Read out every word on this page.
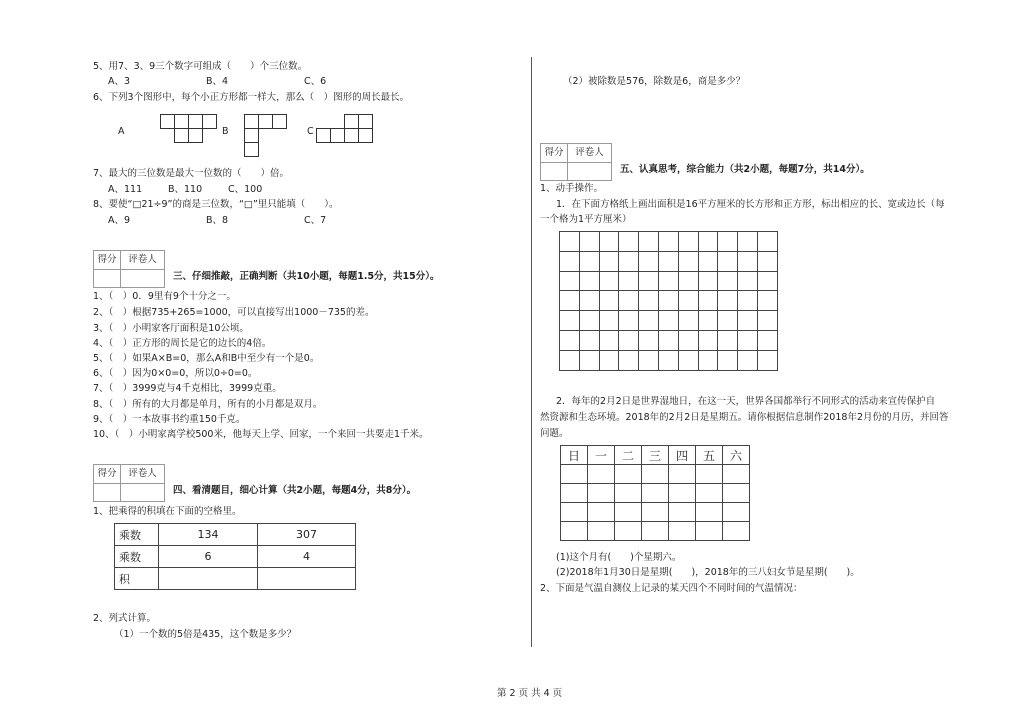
5、用7、3、9三个数字可组成（　　）个三位数。
A、3	B、4	C、6
6、下列3个图形中，每个小正方形都一样大，那么（　）图形的周长最长。
A	B	C
7、最大的三位数是最大一位数的（　　）倍。
A、111	B、110	C、100
8、要使“□21÷9”的商是三位数，“□”里只能填（　　）。
A、9	B、8	C、7
得分	评卷人
三、仔细推敲，正确判断（共10小题，每题1.5分，共15分）。
1、（　）0．9里有9个十分之一。
2、（　）根据735+265=1000，可以直接写出1000－735的差。
3、（　）小明家客厅面积是10公顷。
4、（　）正方形的周长是它的边长的4倍。
5、（　）如果A×B=0，那么A和B中至少有一个是0。
6、（　）因为0×0=0，所以0÷0=0。
7、（　）3999克与4千克相比，3999克重。
8、（　）所有的大月都是单月，所有的小月都是双月。
9、（　）一本故事书约重150千克。
10、（　）小明家离学校500米，他每天上学、回家，一个来回一共要走1千米。
得分	评卷人
四、看清题目，细心计算（共2小题，每题4分，共8分）。
1、把乘得的积填在下面的空格里。
乘数	134	307
乘数	6	4
积		
2、列式计算。
（1）一个数的5倍是435，这个数是多少？
（2）被除数是576，除数是6，商是多少？
得分	评卷人
五、认真思考，综合能力（共2小题，每题7分，共14分）。
1、动手操作。
1．在下面方格纸上画出面积是16平方厘米的长方形和正方形，标出相应的长、宽或边长（每
一个格为1平方厘米）

2．每年的2月2日是世界湿地日，在这一天，世界各国都举行不同形式的活动来宣传保护自
然资源和生态环境。2018年的2月2日是星期五。请你根据信息制作2018年2月份的月历，并回答
问题。
日	一	二	三	四	五	六

(1)这个月有(　　)个星期六。
(2)2018年1月30日是星期(　　)，2018年的三八妇女节是星期(　　)。
2、下面是气温自测仪上记录的某天四个不同时间的气温情况：
第 2 页 共 4 页
